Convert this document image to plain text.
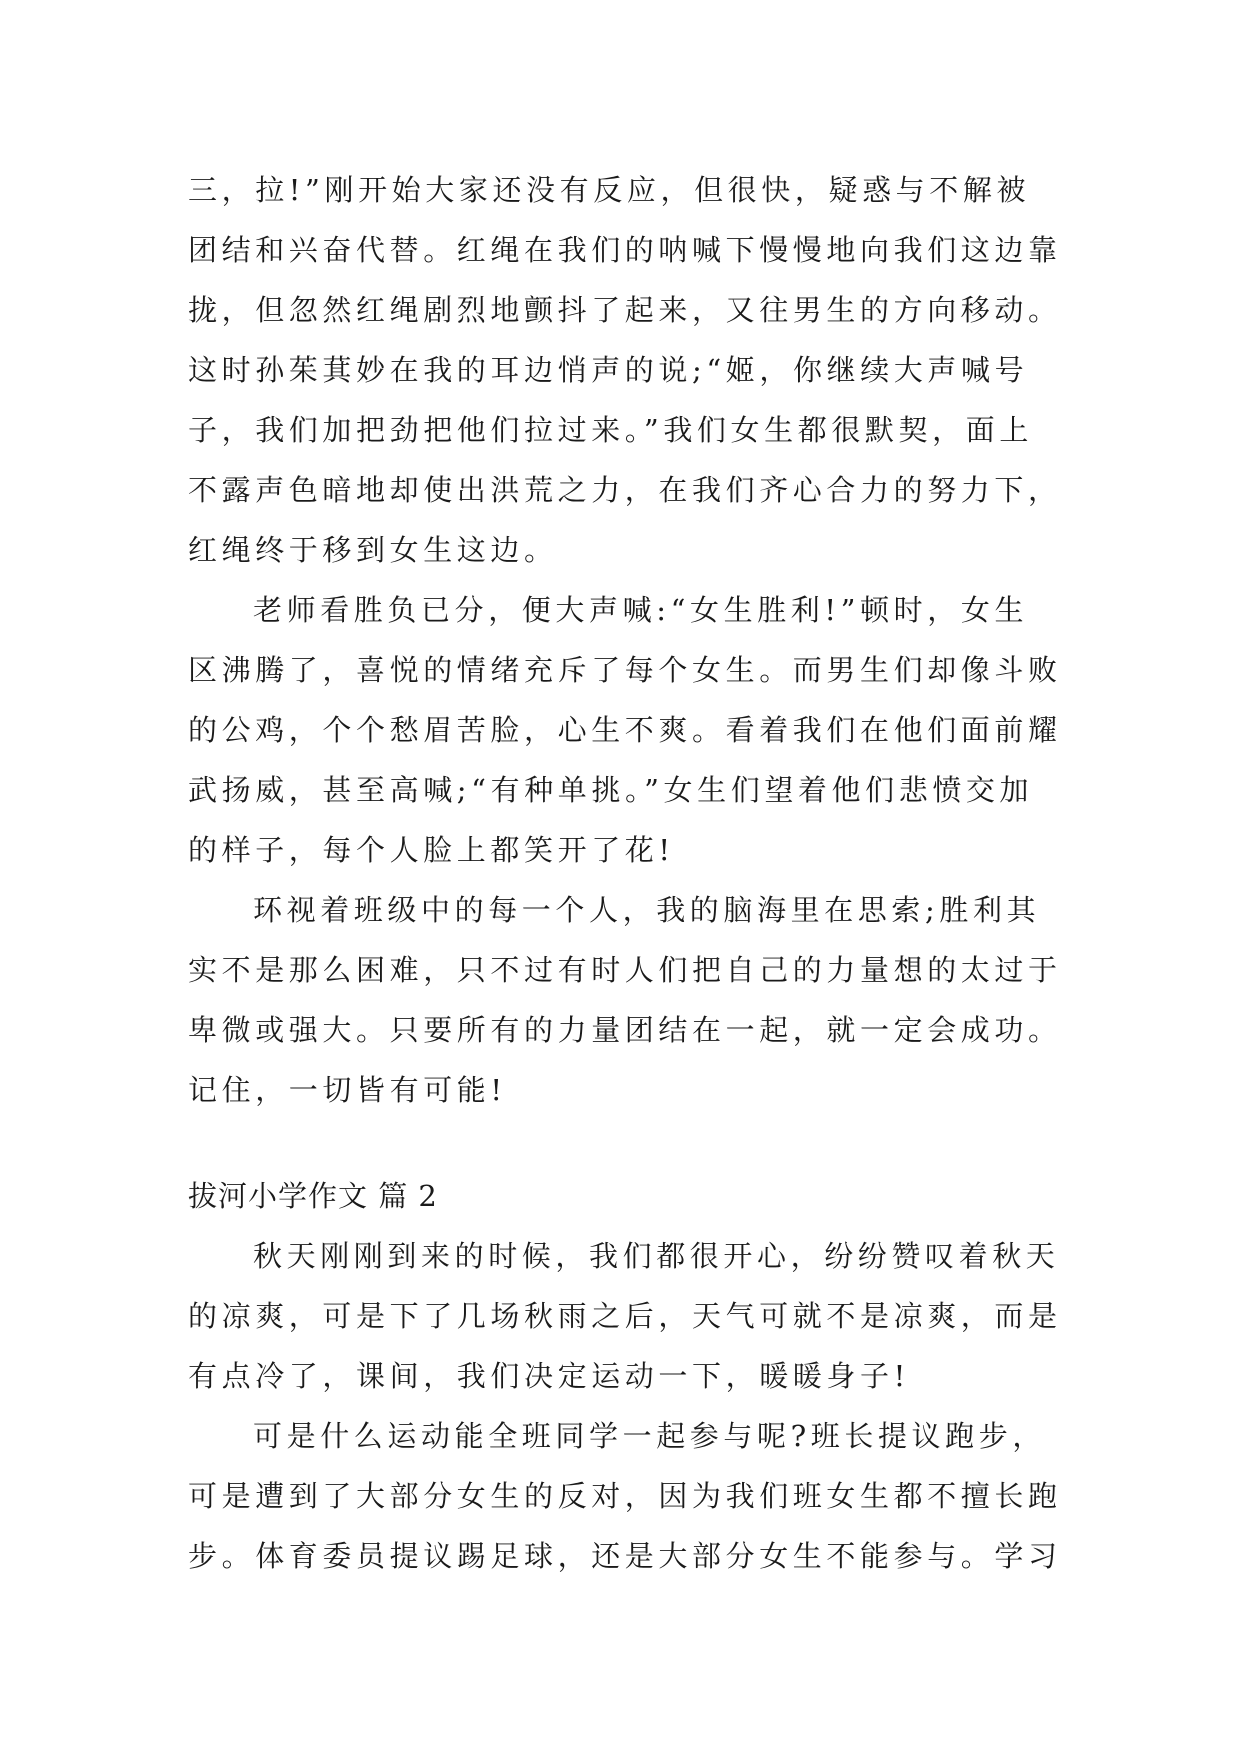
三，拉!”刚开始大家还没有反应，但很快，疑惑与不解被
团结和兴奋代替。红绳在我们的呐喊下慢慢地向我们这边靠
拢，但忽然红绳剧烈地颤抖了起来，又往男生的方向移动。
这时孙茱萁妙在我的耳边悄声的说;“姬，你继续大声喊号
子，我们加把劲把他们拉过来。”我们女生都很默契，面上
不露声色暗地却使出洪荒之力，在我们齐心合力的努力下，
红绳终于移到女生这边。
老师看胜负已分，便大声喊:“女生胜利!”顿时，女生
区沸腾了，喜悦的情绪充斥了每个女生。而男生们却像斗败
的公鸡，个个愁眉苦脸，心生不爽。看着我们在他们面前耀
武扬威，甚至高喊;“有种单挑。”女生们望着他们悲愤交加
的样子，每个人脸上都笑开了花!
环视着班级中的每一个人，我的脑海里在思索;胜利其
实不是那么困难，只不过有时人们把自己的力量想的太过于
卑微或强大。只要所有的力量团结在一起，就一定会成功。
记住，一切皆有可能!
拔河小学作文 篇 2
秋天刚刚到来的时候，我们都很开心，纷纷赞叹着秋天
的凉爽，可是下了几场秋雨之后，天气可就不是凉爽，而是
有点冷了，课间，我们决定运动一下，暖暖身子!
可是什么运动能全班同学一起参与呢?班长提议跑步，
可是遭到了大部分女生的反对，因为我们班女生都不擅长跑
步。体育委员提议踢足球，还是大部分女生不能参与。学习
